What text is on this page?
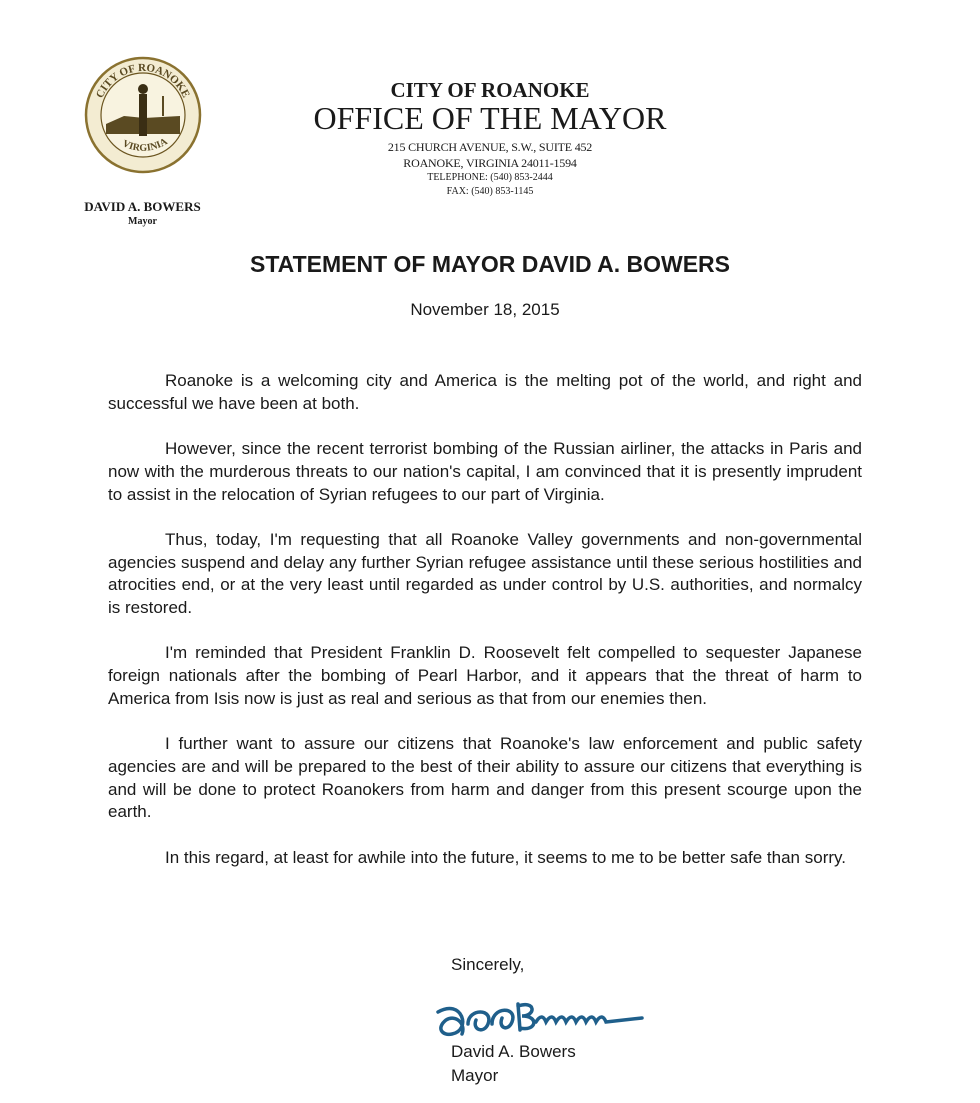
CITY OF ROANOKE
VIRGINIA
DAVID A. BOWERS
Mayor
CITY OF ROANOKE
OFFICE OF THE MAYOR
215 CHURCH AVENUE, S.W., SUITE 452
ROANOKE, VIRGINIA 24011-1594
TELEPHONE: (540) 853-2444
FAX: (540) 853-1145
STATEMENT OF MAYOR DAVID A. BOWERS
November 18, 2015

Roanoke is a welcoming city and America is the melting pot of the world, and right and successful we have been at both.

However, since the recent terrorist bombing of the Russian airliner, the attacks in Paris and now with the murderous threats to our nation's capital, I am convinced that it is presently imprudent to assist in the relocation of Syrian refugees to our part of Virginia.

Thus, today, I'm requesting that all Roanoke Valley governments and non-governmental agencies suspend and delay any further Syrian refugee assistance until these serious hostilities and atrocities end, or at the very least until regarded as under control by U.S. authorities, and normalcy is restored.

I'm reminded that President Franklin D. Roosevelt felt compelled to sequester Japanese foreign nationals after the bombing of Pearl Harbor, and it appears that the threat of harm to America from Isis now is just as real and serious as that from our enemies then.

I further want to assure our citizens that Roanoke's law enforcement and public safety agencies are and will be prepared to the best of their ability to assure our citizens that everything is and will be done to protect Roanokers from harm and danger from this present scourge upon the earth.

In this regard, at least for awhile into the future, it seems to me to be better safe than sorry.

Sincerely,
David A. Bowers
Mayor
